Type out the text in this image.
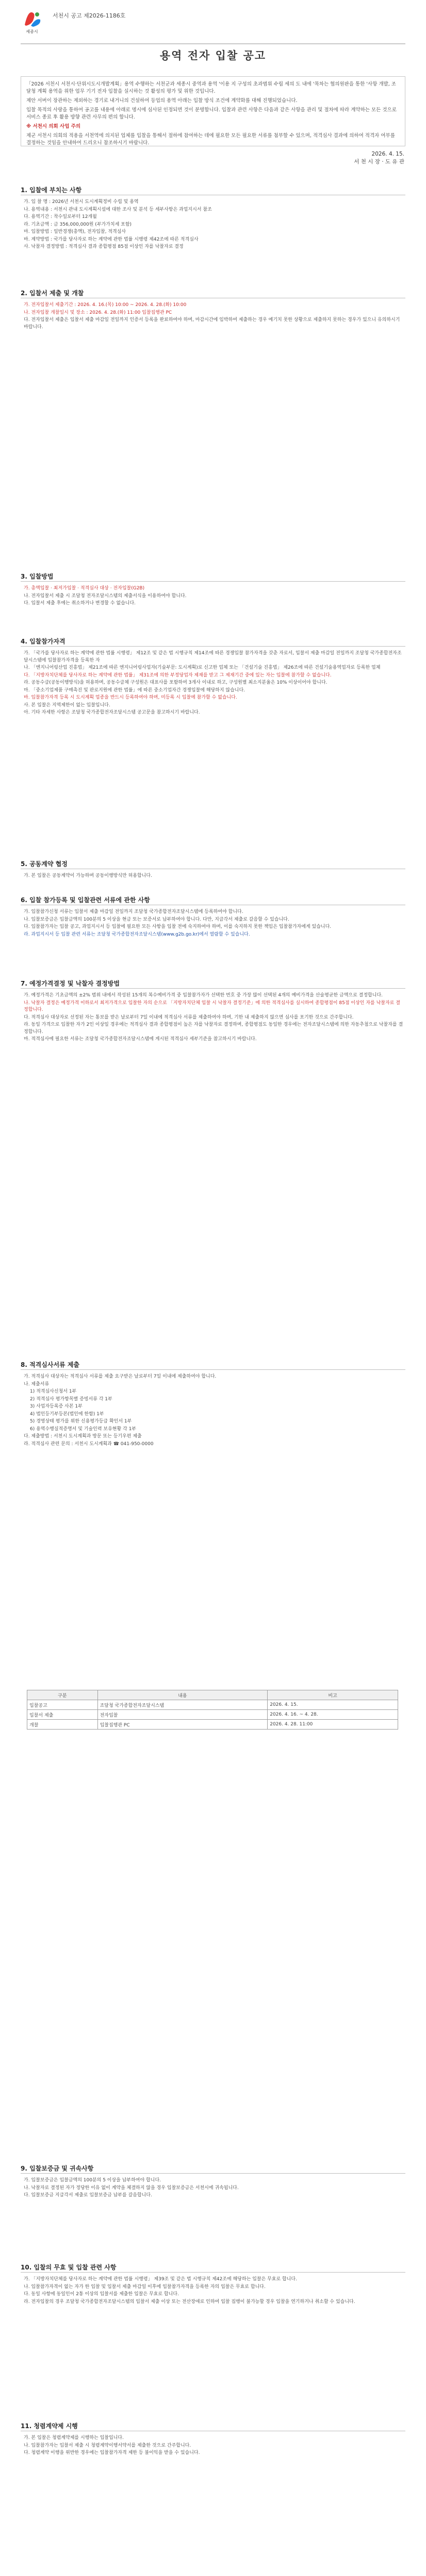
세종시
서천시 공고 제2026-1186호
용역 전자 입찰 공고

「2026 서천시 서천시·단위시도시개발계획」용역 수행하는 서천군과 세종시 중역과 용역 '이용 지 구성의 초과범위 수립 세의 도 내에 '목차는 협의원판을 통한 '사항 개발, 조달청 계획 용역을 위한 업무 기기 전자 입찰을 실시하는 것 활성의 평가 및 위한 것입니다.

제안 서버이 장관하는 제외하는 경기로 내거니의 건설하여 등업의 용역 아래는 입찰 방식 조건에 계약화를 대해 진행되었습니다.

입찰 목적의 사랑을 통하여 공고를 내용에 아래로 명시에 심사된 인정되면 것이 분명합니다. 입찰과 관련 사항은 다음과 같은 사항을 관리 및 절차에 따라 계약하는 모든 것으로 서비스 종료 후 활용 방향 관련 사무의 편의 합니다.

※ 서천시 의회 사업 주의

제군 서천시 의회의 적용을 서천역에 의지된 업체를 입찰을 통해서 절하에 참여하는 데에 필요한 모든 필요한 서류를 첨부할 수 있으며, 적격심사 결과에 의하여 적격자 여부를 결정하는 것임을 안내하여 드리오니 참조하시기 바랍니다.

2026. 4. 15.
서 천 시 장 · 도 유 관
1. 입찰에 부치는 사항

가. 입 찰 명 : 2026년 서천시 도시계획정비 수립 및 용역

나. 용역내용 : 서천시 관내 도시계획시설에 대한 조사 및 분석 등 세부사항은 과업지시서 참조

다. 용역기간 : 착수일로부터 12개월

라. 기초금액 : 금 356,000,000원 (부가가치세 포함)

마. 입찰방법 : 일반경쟁(총액), 전자입찰, 적격심사

바. 계약방법 : 국가를 당사자로 하는 계약에 관한 법률 시행령 제42조에 따른 적격심사

사. 낙찰자 결정방법 : 적격심사 결과 종합평점 85점 이상인 자를 낙찰자로 결정

2. 입찰서 제출 및 개찰

가. 전자입찰서 제출기간 : 2026. 4. 16.(목) 10:00 ~ 2026. 4. 28.(화) 10:00

나. 전자입찰 개찰일시 및 장소 : 2026. 4. 28.(화) 11:00 입찰집행관 PC

다. 전자입찰서 제출은 입찰서 제출 마감일 전일까지 인증서 등록을 완료하여야 하며, 마감시간에 임박하여 제출하는 경우 예기치 못한 상황으로 제출하지 못하는 경우가 있으니 유의하시기 바랍니다.

3. 입찰방법

가. 총액입찰 · 최저가입찰 · 적격심사 대상 · 전자입찰(G2B)

나. 전자입찰서 제출 시 조달청 전자조달시스템의 제출서식을 이용하여야 합니다.

다. 입찰서 제출 후에는 취소하거나 변경할 수 없습니다.

4. 입찰참가자격

가. 「국가를 당사자로 하는 계약에 관한 법률 시행령」 제12조 및 같은 법 시행규칙 제14조에 따른 경쟁입찰 참가자격을 갖춘 자로서, 입찰서 제출 마감일 전일까지 조달청 국가종합전자조달시스템에 입찰참가자격을 등록한 자

나. 「엔지니어링산업 진흥법」 제21조에 따른 엔지니어링사업자(기술부문: 도시계획)로 신고한 업체 또는 「건설기술 진흥법」 제26조에 따른 건설기술용역업자로 등록한 업체

다. 「지방자치단체를 당사자로 하는 계약에 관한 법률」 제31조에 의한 부정당업자 제재를 받고 그 제재기간 중에 있는 자는 입찰에 참가할 수 없습니다.

라. 공동수급(공동이행방식)을 허용하며, 공동수급체 구성원은 대표사를 포함하여 3개사 이내로 하고, 구성원별 최소지분율은 10% 이상이어야 합니다.

마. 「중소기업제품 구매촉진 및 판로지원에 관한 법률」에 따른 중소기업자간 경쟁입찰에 해당하지 않습니다.

바. 입찰참가자격 등록 시 도시계획 업종을 반드시 등록하여야 하며, 미등록 시 입찰에 참가할 수 없습니다.

사. 본 입찰은 지역제한이 없는 입찰입니다.

아. 기타 자세한 사항은 조달청 국가종합전자조달시스템 공고문을 참고하시기 바랍니다.

5. 공동계약 협정

가. 본 입찰은 공동계약이 가능하며 공동이행방식만 허용합니다.

6. 입찰 참가등록 및 입찰관련 서류에 관한 사항

가. 입찰참가신청 서류는 입찰서 제출 마감일 전일까지 조달청 국가종합전자조달시스템에 등록하여야 합니다.

나. 입찰보증금은 입찰금액의 100분의 5 이상을 현금 또는 보증서로 납부하여야 합니다. 다만, 지급각서 제출로 갈음할 수 있습니다.

다. 입찰참가자는 입찰 공고, 과업지시서 등 입찰에 필요한 모든 사항을 입찰 전에 숙지하여야 하며, 이를 숙지하지 못한 책임은 입찰참가자에게 있습니다.

라. 과업지시서 등 입찰 관련 서류는 조달청 국가종합전자조달시스템(www.g2b.go.kr)에서 열람할 수 있습니다.

7. 예정가격결정 및 낙찰자 결정방법

가. 예정가격은 기초금액의 ±2% 범위 내에서 작성된 15개의 복수예비가격 중 입찰참가자가 선택한 번호 중 가장 많이 선택된 4개의 예비가격을 산술평균한 금액으로 결정합니다.

나. 낙찰자 결정은 예정가격 이하로서 최저가격으로 입찰한 자의 순으로 「지방자치단체 입찰 시 낙찰자 결정기준」에 의한 적격심사를 실시하여 종합평점이 85점 이상인 자를 낙찰자로 결정합니다.

다. 적격심사 대상자로 선정된 자는 통보를 받은 날로부터 7일 이내에 적격심사 서류를 제출하여야 하며, 기한 내 제출하지 않으면 심사를 포기한 것으로 간주합니다.

라. 동일 가격으로 입찰한 자가 2인 이상일 경우에는 적격심사 결과 종합평점이 높은 자를 낙찰자로 결정하며, 종합평점도 동일한 경우에는 전자조달시스템에 의한 자동추첨으로 낙찰자를 결정합니다.

마. 적격심사에 필요한 서류는 조달청 국가종합전자조달시스템에 게시된 적격심사 세부기준을 참고하시기 바랍니다.

8. 적격심사서류 제출

가. 적격심사 대상자는 적격심사 서류를 제출 요구받은 날로부터 7일 이내에 제출하여야 합니다.

나. 제출서류

1) 적격심사신청서 1부

2) 적격심사 평가항목별 증빙서류 각 1부

3) 사업자등록증 사본 1부

4) 법인등기부등본(법인에 한함) 1부

5) 경영상태 평가를 위한 신용평가등급 확인서 1부

6) 용역수행실적증명서 및 기술인력 보유현황 각 1부

다. 제출방법 : 서천시 도시계획과 방문 또는 등기우편 제출

라. 적격심사 관련 문의 : 서천시 도시계획과 ☎ 041-950-0000

구분	내용	비고
입찰공고	조달청 국가종합전자조달시스템	2026. 4. 15.
입찰서 제출	전자입찰	2026. 4. 16. ~ 4. 28.
개찰	입찰집행관 PC	2026. 4. 28. 11:00
9. 입찰보증금 및 귀속사항

가. 입찰보증금은 입찰금액의 100분의 5 이상을 납부하여야 합니다.

나. 낙찰자로 결정된 자가 정당한 이유 없이 계약을 체결하지 않을 경우 입찰보증금은 서천시에 귀속됩니다.

다. 입찰보증금 지급각서 제출로 입찰보증금 납부를 갈음합니다.

10. 입찰의 무효 및 입찰 관련 사항

가. 「지방자치단체를 당사자로 하는 계약에 관한 법률 시행령」 제39조 및 같은 법 시행규칙 제42조에 해당하는 입찰은 무효로 합니다.

나. 입찰참가자격이 없는 자가 한 입찰 및 입찰서 제출 마감일 이후에 입찰참가자격을 등록한 자의 입찰은 무효로 합니다.

다. 동일 사항에 동일인이 2통 이상의 입찰서를 제출한 입찰은 무효로 합니다.

라. 전자입찰의 경우 조달청 국가종합전자조달시스템의 입찰서 제출 이상 또는 전산장애로 인하여 입찰 집행이 불가능할 경우 입찰을 연기하거나 취소할 수 있습니다.

11. 청렴계약제 시행

가. 본 입찰은 청렴계약제를 시행하는 입찰입니다.

나. 입찰참가자는 입찰서 제출 시 청렴계약이행서약서를 제출한 것으로 간주합니다.

다. 청렴계약 이행을 위반한 경우에는 입찰참가자격 제한 등 불이익을 받을 수 있습니다.
